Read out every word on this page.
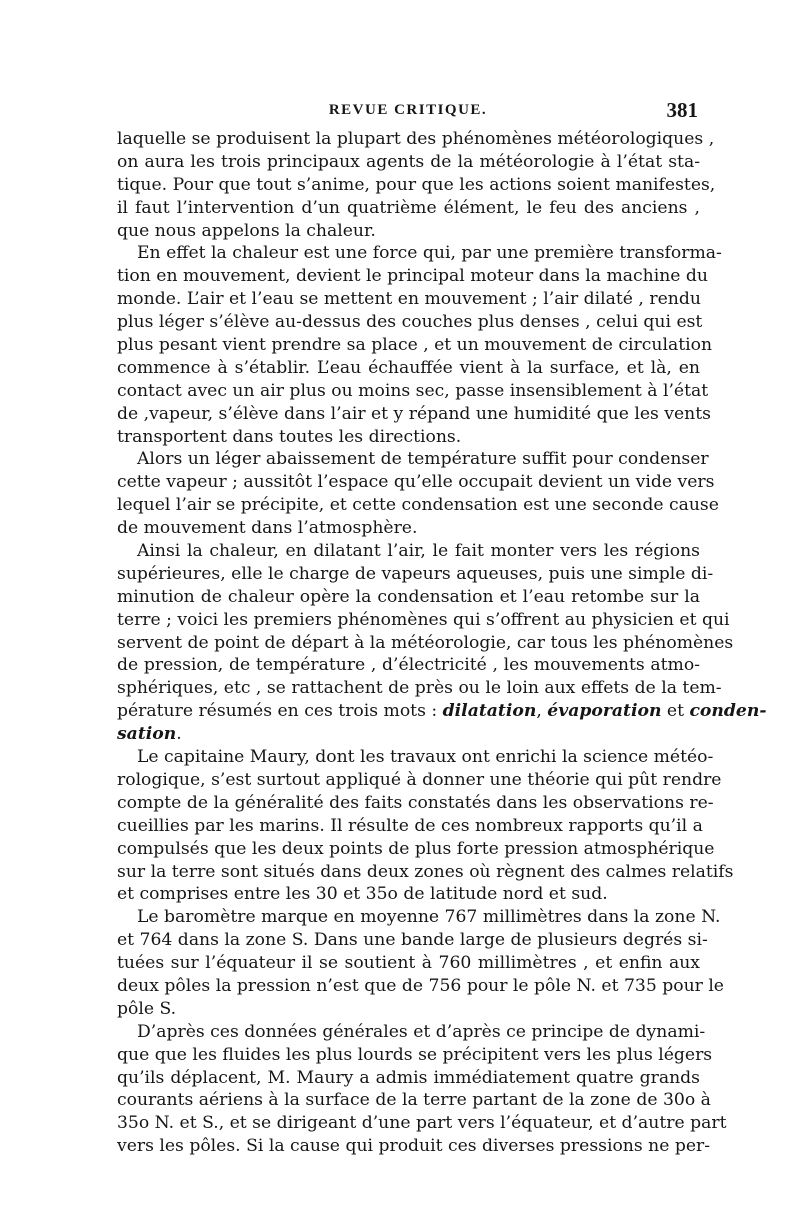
REVUE CRITIQUE.	381
laquelle se produisent la plupart des phénomènes météorologiques ,
on aura les trois principaux agents de la météorologie à l’état sta-
tique. Pour que tout s’anime, pour que les actions soient manifestes,
il faut l’intervention d’un quatrième élément, le feu des anciens ,
que nous appelons la chaleur.
En effet la chaleur est une force qui, par une première transforma-
tion en mouvement, devient le principal moteur dans la machine du
monde. L’air et l’eau se mettent en mouvement ; l’air dilaté , rendu
plus léger s’élève au-dessus des couches plus denses , celui qui est
plus pesant vient prendre sa place , et un mouvement de circulation
commence à s’établir. L’eau échauffée vient à la surface, et là, en
contact avec un air plus ou moins sec, passe insensiblement à l’état
de ,vapeur, s’élève dans l’air et y répand une humidité que les vents
transportent dans toutes les directions.
Alors un léger abaissement de température suffit pour condenser
cette vapeur ; aussitôt l’espace qu’elle occupait devient un vide vers
lequel l’air se précipite, et cette condensation est une seconde cause
de mouvement dans l’atmosphère.
Ainsi la chaleur, en dilatant l’air, le fait monter vers les régions
supérieures, elle le charge de vapeurs aqueuses, puis une simple di-
minution de chaleur opère la condensation et l’eau retombe sur la
terre ; voici les premiers phénomènes qui s’offrent au physicien et qui
servent de point de départ à la météorologie, car tous les phénomènes
de pression, de température , d’électricité , les mouvements atmo-
sphériques, etc , se rattachent de près ou le loin aux effets de la tem-
pérature résumés en ces trois mots : dilatation, évaporation et conden-
sation.
Le capitaine Maury, dont les travaux ont enrichi la science météo-
rologique, s’est surtout appliqué à donner une théorie qui pût rendre
compte de la généralité des faits constatés dans les observations re-
cueillies par les marins. Il résulte de ces nombreux rapports qu’il a
compulsés que les deux points de plus forte pression atmosphérique
sur la terre sont situés dans deux zones où règnent des calmes relatifs
et comprises entre les 30 et 35o de latitude nord et sud.
Le baromètre marque en moyenne 767 millimètres dans la zone N.
et 764 dans la zone S. Dans une bande large de plusieurs degrés si-
tuées sur l’équateur il se soutient à 760 millimètres , et enfin aux
deux pôles la pression n’est que de 756 pour le pôle N. et 735 pour le
pôle S.
D’après ces données générales et d’après ce principe de dynami-
que que les fluides les plus lourds se précipitent vers les plus légers
qu’ils déplacent, M. Maury a admis immédiatement quatre grands
courants aériens à la surface de la terre partant de la zone de 30o à
35o N. et S., et se dirigeant d’une part vers l’équateur, et d’autre part
vers les pôles. Si la cause qui produit ces diverses pressions ne per-
